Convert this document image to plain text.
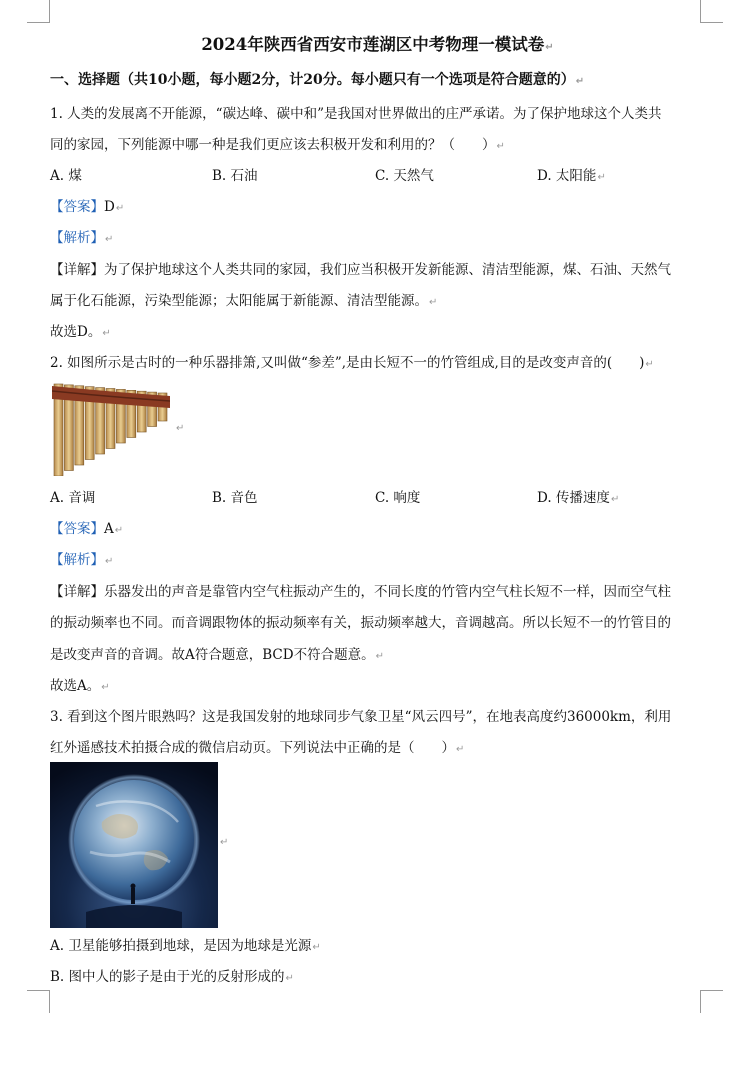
2024年陕西省西安市莲湖区中考物理一模试卷↵
一、选择题（共10小题，每小题2分，计20分。每小题只有一个选项是符合题意的）↵
1. 人类的发展离不开能源，“碳达峰、碳中和”是我国对世界做出的庄严承诺。为了保护地球这个人类共
同的家园，下列能源中哪一种是我们更应该去积极开发和利用的？（　　）↵
A. 煤	B. 石油	C. 天然气	D. 太阳能↵
【答案】D↵
【解析】↵
【详解】为了保护地球这个人类共同的家园，我们应当积极开发新能源、清洁型能源，煤、石油、天然气
属于化石能源，污染型能源；太阳能属于新能源、清洁型能源。↵
故选D。↵
2. 如图所示是古时的一种乐器排箫,又叫做“参差”,是由长短不一的竹管组成,目的是改变声音的(　　)↵
↵
A. 音调	B. 音色	C. 响度	D. 传播速度↵
【答案】A↵
【解析】↵
【详解】乐器发出的声音是靠管内空气柱振动产生的，不同长度的竹管内空气柱长短不一样，因而空气柱
的振动频率也不同。而音调跟物体的振动频率有关，振动频率越大，音调越高。所以长短不一的竹管目的
是改变声音的音调。故A符合题意，BCD不符合题意。↵
故选A。↵
3. 看到这个图片眼熟吗？这是我国发射的地球同步气象卫星“风云四号”，在地表高度约36000km，利用
红外遥感技术拍摄合成的微信启动页。下列说法中正确的是（　　）↵
↵
A. 卫星能够拍摄到地球，是因为地球是光源↵
B. 图中人的影子是由于光的反射形成的↵
